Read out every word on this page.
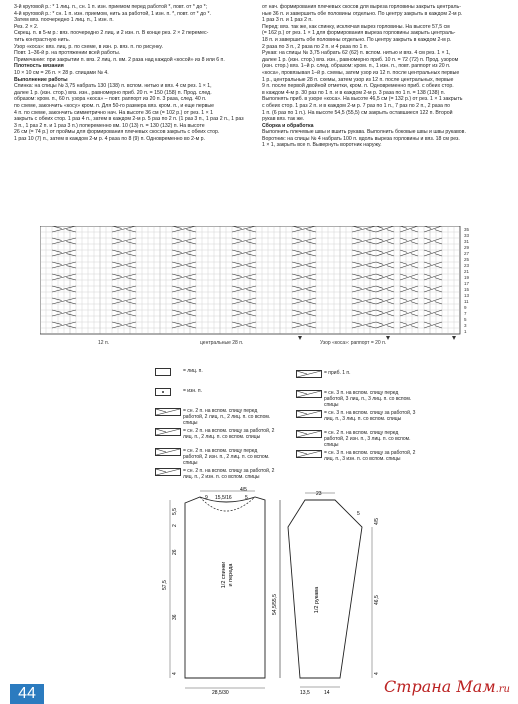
3-й круговой р.: * 1 лиц. п., сн. 1 п. изн. приемом перед работой *, повт. от * до *;

4-й круговой р.: * сн. 1 п. изн. приемом, нить за работой, 1 изн. п. *, повт. от * до *.

Затем вяз. поочередно 1 лиц. п., 1 изн. п.

Рез. 2 × 2.

Скрещ. п. в 5-м р.: вяз. поочередно 2 лиц. и 2 изн. п. В конце рез. 2 × 2 перемес-

тить контрастную нить.

Узор «коса»: вяз. лиц. р. по схеме, в изн. р. вяз. п. по рисунку.

Повт. 1–36-й р. на протяжении всей работы.

Примечание: при закрытии п. вяз. 2 лиц. п. вм. 2 раза над каждой «косой» из 8 или 6 п.

Плотность вязания

10 × 10 см = 26 п. × 28 р. спицами № 4.

Выполнение работы

Спинка: на спицы № 3,75 набрать 130 (138) п. вспом. нитью и вяз. 4 см рез. 1 × 1,

далее 1 р. (изн. стор.) вяз. изн., равномерно приб. 20 п. = 150 (158) п. Прод. след.

образом: кром. п., 60 п. узора «коса» – повт. раппорт из 20 п. 3 раза, след. 40 п.

по схеме, закончить «косу» кром. п. Для 50-го размера вяз. кром. п., и еще первые

4 п. по схеме, закончить симметрично нач. На высоте 36 см (= 102 р.) от рез. 1 × 1

закрыть с обеих стор. 1 раз 4 п., затем в каждом 2-м р. 5 раз по 2 п. (1 раз 3 п., 1 раз 2 п., 1 раз

3 п., 1 раз 2 п. и 1 раз 3 п.) попеременно вм. 10 (13) п. = 130 (132) п. На высоте

26 см (= 74 р.) от проймы для формирования плечевых скосов закрыть с обеих стор.

1 раз 10 (7) п., затем в каждом 2-м р. 4 раза по 8 (9) п. Одновременно во 2-м р.

от нач. формирования плечевых скосов для выреза горловины закрыть централь-

ные 36 п. и завершить обе половины отдельно. По центру закрыть в каждом 2-м р.

1 раз 3 п. и 1 раз 2 п.

Перед: вяз. так же, как спинку, исключая вырез горловины. На высоте 57,5 см

(= 162 р.) от рез. 1 × 1 для формирования выреза горловины закрыть централь-

18 п. и завершить обе половины отдельно. По центру закрыть в каждом 2-м р.

2 раза по 3 п., 2 раза по 2 п. и 4 раза по 1 п.

Рукав: на спицы № 3,75 набрать 62 (62) п. вспом. нитью и вяз. 4 см рез. 1 × 1,

далее 1 р. (изн. стор.) вяз. изн., равномерно приб. 10 п. = 72 (72) п. Прод. узором

(изн. стор.) вяз. 1–й р. след. образом: кром. п., 1 изн. п., повт. раппорт из 20 п.

«коса», провязывая 1–й р. схемы, затем узор из 12 п. после центральных первые

1 р., центральные 28 п. схемы, затем узор из 12 п. после центральных, первые

9 п. после первой двойной отметки, кром. п. Одновременно приб. с обеих стор.

в каждом 4-м р. 30 раз по 1 п. и в каждом 2-м р. 3 раза по 1 п. = 138 (138) п.

Выполнять приб. в узоре «коса». На высоте 46,5 см (= 132 р.) от рез. 1 × 1 закрыть

с обеих стор. 1 раз 2 п. и в каждом 2-м р. 7 раз по 1 п., 7 раз по 2 п., 2 раза по

1 п. (6 раз по 1 п.). На высоте 54,5 (55,5) см закрыть оставшиеся 122 п. Второй

рукав вяз. так же.

Сборка и обработка

Выполнить плечевые швы и вшить рукава. Выполнить боковые швы и швы рукавов.

Воротник: на спицы № 4 набрать 100 п. вдоль выреза горловины и вяз. 18 см рез.

1 × 1, закрыть все п. Вывернуть воротник наружу.

35
33
31
29
27
25
23
21
19
17
15
13
11
9
7
5
3
1
12 п.	центральные 28 п.	Узор «коса»: раппорт = 20 п.
= лиц. п.
= изн. п.
= сн. 2 п. на вспом. спицу перед работой, 2 лиц. п., 2 лиц. п. со вспом. спицы
= сн. 2 п. на вспом. спицу за работой, 2 лиц. п., 2 лиц. п. со вспом. спицы
= сн. 2 п. на вспом. спицу перед работой, 2 изн. п., 2 лиц. п. со вспом. спицы
= сн. 2 п. на вспом. спицу за работой, 2 лиц. п., 2 изн. п. со вспом. спицы
= приб. 1 п.
= сн. 3 п. на вспом. спицу перед работой, 3 лиц. п., 3 лиц. п. со вспом. спицы
= сн. 3 п. на вспом. спицу за работой, 3 лиц. п., 3 лиц. п. со вспом. спицы
= сн. 2 п. на вспом. спицу перед работой, 2 изн. п., 3 лиц. п. со вспом. спицы
= сн. 3 п. на вспом. спицу за работой, 2 лиц. п., 3 изн. п. со вспом. спицы
1/2 спинки и переда
9 15,5/16
4/5
5
5,5
2
26
57,5
36
4
28,5/30
1/2 рукава
23
5
4/5
54,5/55,5	46,5
4
13,5	14
44	Страна Мам.ru
